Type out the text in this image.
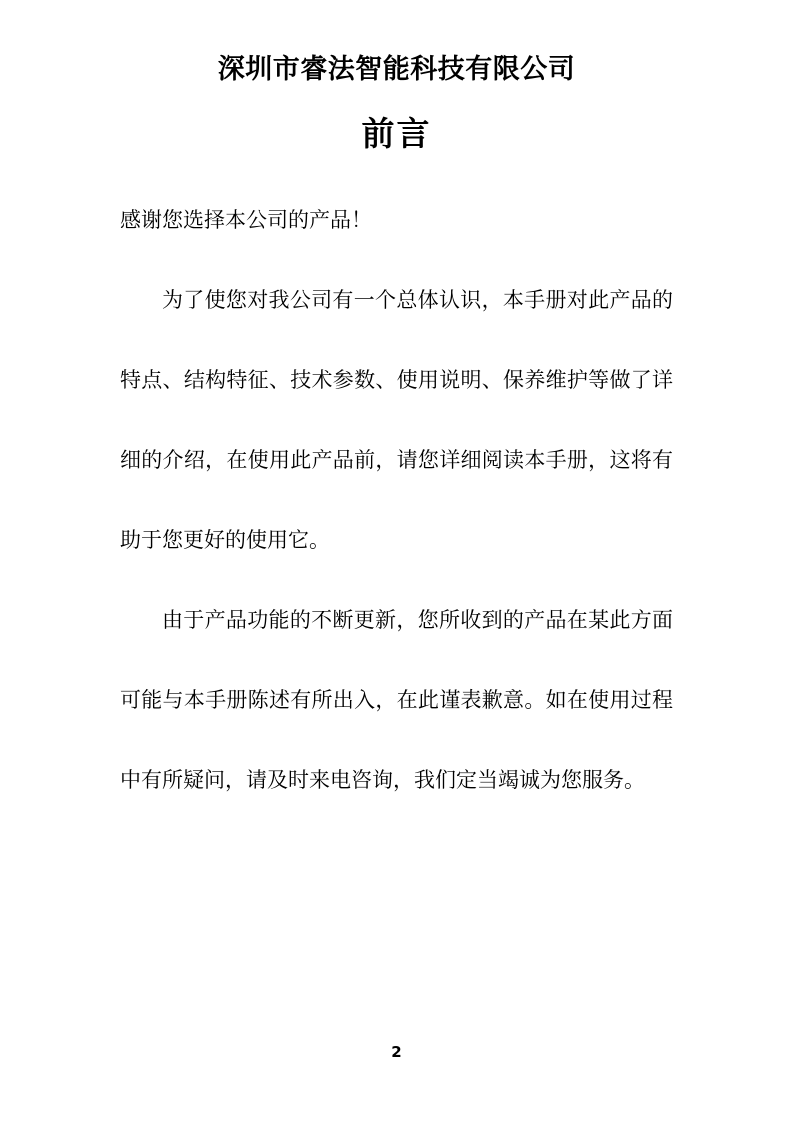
深圳市睿法智能科技有限公司
前言
感谢您选择本公司的产品！
为了使您对我公司有一个总体认识，本手册对此产品的
特点、结构特征、技术参数、使用说明、保养维护等做了详
细的介绍，在使用此产品前，请您详细阅读本手册，这将有
助于您更好的使用它。
由于产品功能的不断更新，您所收到的产品在某此方面
可能与本手册陈述有所出入，在此谨表歉意。如在使用过程
中有所疑问，请及时来电咨询，我们定当竭诚为您服务。
2
